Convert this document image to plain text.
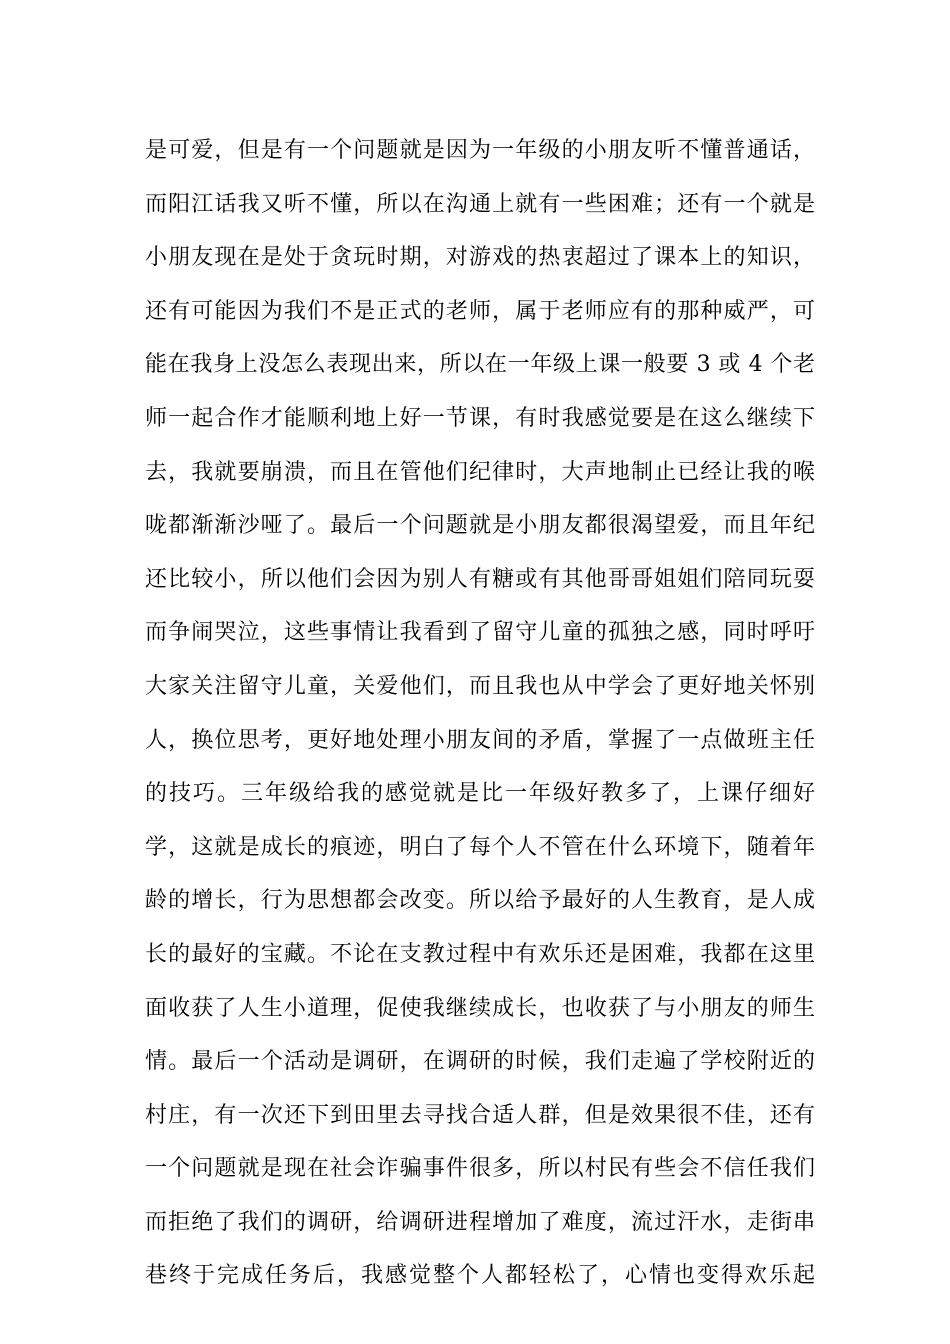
是可爱，但是有一个问题就是因为一年级的小朋友听不懂普通话，
而阳江话我又听不懂，所以在沟通上就有一些困难；还有一个就是
小朋友现在是处于贪玩时期，对游戏的热衷超过了课本上的知识，
还有可能因为我们不是正式的老师，属于老师应有的那种威严，可
能在我身上没怎么表现出来，所以在一年级上课一般要 3 或 4 个老
师一起合作才能顺利地上好一节课，有时我感觉要是在这么继续下
去，我就要崩溃，而且在管他们纪律时，大声地制止已经让我的喉
咙都渐渐沙哑了。最后一个问题就是小朋友都很渴望爱，而且年纪
还比较小，所以他们会因为别人有糖或有其他哥哥姐姐们陪同玩耍
而争闹哭泣，这些事情让我看到了留守儿童的孤独之感，同时呼吁
大家关注留守儿童，关爱他们，而且我也从中学会了更好地关怀别
人，换位思考，更好地处理小朋友间的矛盾，掌握了一点做班主任
的技巧。三年级给我的感觉就是比一年级好教多了，上课仔细好
学，这就是成长的痕迹，明白了每个人不管在什么环境下，随着年
龄的增长，行为思想都会改变。所以给予最好的人生教育，是人成
长的最好的宝藏。不论在支教过程中有欢乐还是困难，我都在这里
面收获了人生小道理，促使我继续成长，也收获了与小朋友的师生
情。最后一个活动是调研，在调研的时候，我们走遍了学校附近的
村庄，有一次还下到田里去寻找合适人群，但是效果很不佳，还有
一个问题就是现在社会诈骗事件很多，所以村民有些会不信任我们
而拒绝了我们的调研，给调研进程增加了难度，流过汗水，走街串
巷终于完成任务后，我感觉整个人都轻松了，心情也变得欢乐起
